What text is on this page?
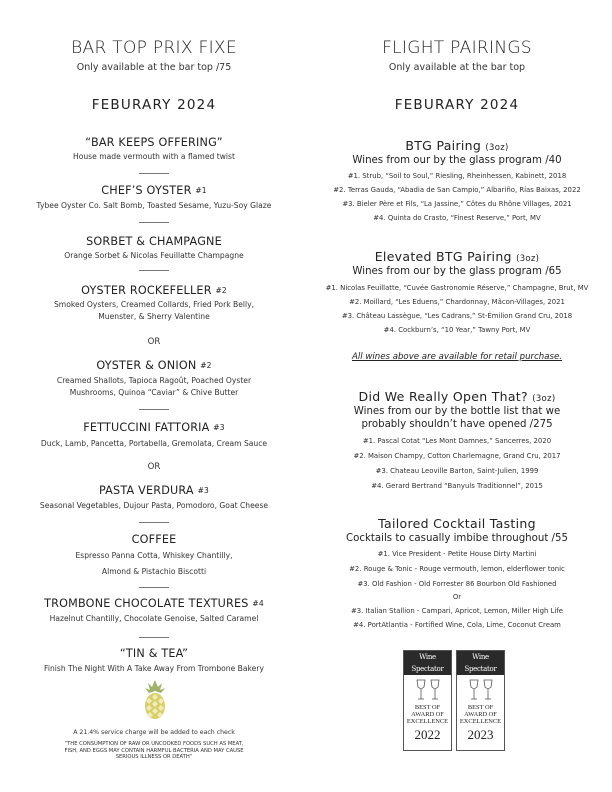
BAR TOP PRIX FIXE
Only available at the bar top /75
FEBURARY 2024
“BAR KEEPS OFFERING”
House made vermouth with a flamed twist
CHEF’S OYSTER #1
Tybee Oyster Co. Salt Bomb, Toasted Sesame, Yuzu-Soy Glaze
SORBET & CHAMPAGNE
Orange Sorbet & Nicolas Feuillatte Champagne
OYSTER ROCKEFELLER #2
Smoked Oysters, Creamed Collards, Fried Pork Belly,
Muenster, & Sherry Valentine
OR
OYSTER & ONION #2
Creamed Shallots, Tapioca Ragoût, Poached Oyster
Mushrooms, Quinoa “Caviar” & Chive Butter
FETTUCCINI FATTORIA #3
Duck, Lamb, Pancetta, Portabella, Gremolata, Cream Sauce
OR
PASTA VERDURA #3
Seasonal Vegetables, Dujour Pasta, Pomodoro, Goat Cheese
COFFEE
Espresso Panna Cotta, Whiskey Chantilly,
Almond & Pistachio Biscotti
TROMBONE CHOCOLATE TEXTURES #4
Hazelnut Chantilly, Chocolate Genoise, Salted Caramel
“TIN & TEA”
Finish The Night With A Take Away From Trombone Bakery
A 21.4% service charge will be added to each check
“THE CONSUMPTION OF RAW OR UNCOOKED FOODS SUCH AS MEAT, FISH, AND EGGS MAY CONTAIN HARMFUL BACTERIA AND MAY CAUSE SERIOUS ILLNESS OR DEATH”
FLIGHT PAIRINGS
Only available at the bar top
FEBURARY 2024
BTG Pairing (3oz)
Wines from our by the glass program /40
#1. Strub, “Soil to Soul,” Riesling, Rheinhessen, Kabinett, 2018
#2. Terras Gauda, “Abadia de San Campio,” Albariño, Rías Baixas, 2022
#3. Bieler Père et Fils, “La Jassine,” Côtes du Rhône Villages, 2021
#4. Quinta do Crasto, “Finest Reserve,” Port, MV
Elevated BTG Pairing (3oz)
Wines from our by the glass program /65
#1. Nicolas Feuillatte, “Cuvée Gastronomie Réserve,” Champagne, Brut, MV
#2. Moillard, “Les Eduens,” Chardonnay, Mâcon-Villages, 2021
#3. Château Lassègue, “Les Cadrans,” St-Émilion Grand Cru, 2018
#4. Cockburn’s, “10 Year,” Tawny Port, MV
All wines above are available for retail purchase.
Did We Really Open That? (3oz)
Wines from our by the bottle list that we
probably shouldn’t have opened /275
#1. Pascal Cotat “Les Mont Damnes,” Sancerres, 2020
#2. Maison Champy, Cotton Charlemagne, Grand Cru, 2017
#3. Chateau Leoville Barton, Saint-Julien, 1999
#4. Gerard Bertrand “Banyuls Traditionnel”, 2015
Tailored Cocktail Tasting
Cocktails to casually imbibe throughout /55
#1. Vice President - Petite House Dirty Martini
#2. Rouge & Tonic - Rouge vermouth, lemon, elderflower tonic
#3. Old Fashion - Old Forrester 86 Bourbon Old Fashioned
Or
#3. Italian Stallion - Campari, Apricot, Lemon, Miller High Life
#4. PortAtlantia - Fortified Wine, Cola, Lime, Coconut Cream
Wine Spectator
BEST OF
AWARD OF
EXCELLENCE
2022
Wine Spectator
BEST OF
AWARD OF
EXCELLENCE
2023
